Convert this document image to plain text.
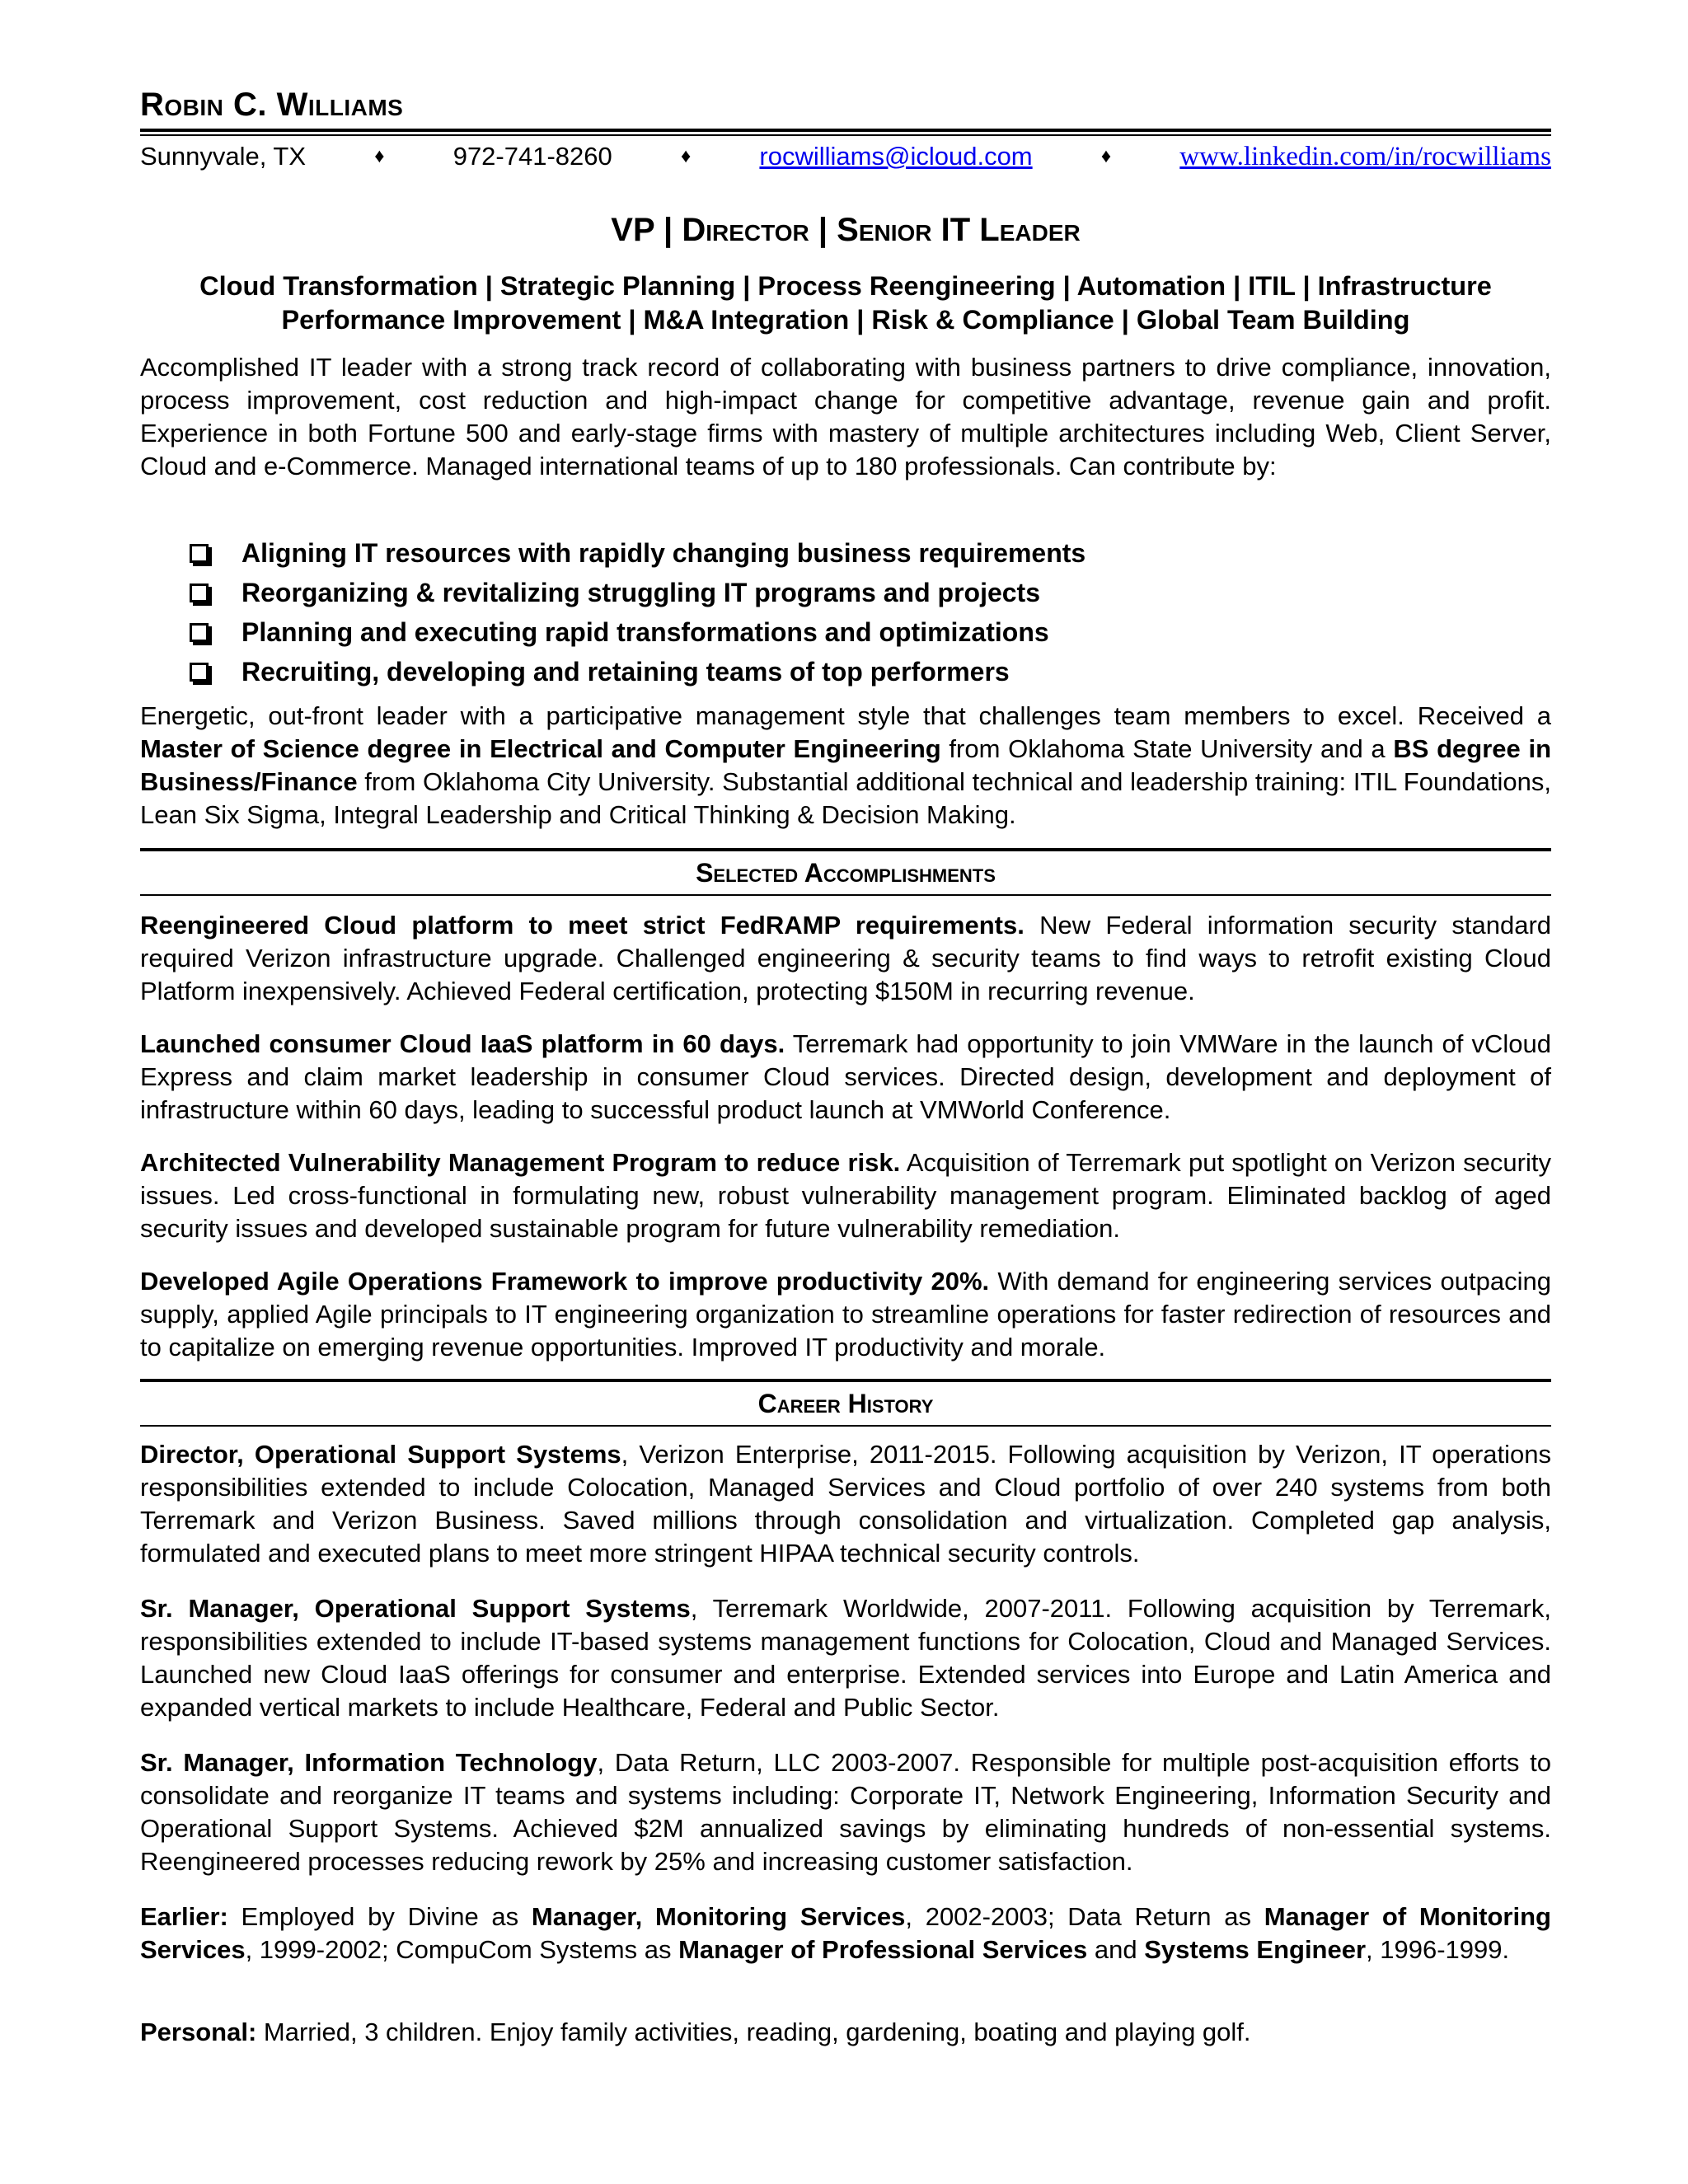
Robin C. Williams
Sunnyvale, TX	♦	972-741-8260	♦	rocwilliams@icloud.com	♦	www.linkedin.com/in/rocwilliams
VP | Director | Senior IT Leader
Cloud Transformation | Strategic Planning | Process Reengineering | Automation | ITIL | Infrastructure
Performance Improvement | M&A Integration | Risk & Compliance | Global Team Building

Accomplished IT leader with a strong track record of collaborating with business partners to drive compliance, innovation, process improvement, cost reduction and high-impact change for competitive advantage, revenue gain and profit. Experience in both Fortune 500 and early-stage firms with mastery of multiple architectures including Web, Client Server, Cloud and e-Commerce. Managed international teams of up to 180 professionals. Can contribute by:

Aligning IT resources with rapidly changing business requirements
Reorganizing & revitalizing struggling IT programs and projects
Planning and executing rapid transformations and optimizations
Recruiting, developing and retaining teams of top performers

Energetic, out-front leader with a participative management style that challenges team members to excel. Received a Master of Science degree in Electrical and Computer Engineering from Oklahoma State University and a BS degree in Business/Finance from Oklahoma City University. Substantial additional technical and leadership training: ITIL Foundations, Lean Six Sigma, Integral Leadership and Critical Thinking & Decision Making.

Selected Accomplishments

Reengineered Cloud platform to meet strict FedRAMP requirements. New Federal information security standard required Verizon infrastructure upgrade. Challenged engineering & security teams to find ways to retrofit existing Cloud Platform inexpensively. Achieved Federal certification, protecting $150M in recurring revenue.

Launched consumer Cloud IaaS platform in 60 days. Terremark had opportunity to join VMWare in the launch of vCloud Express and claim market leadership in consumer Cloud services. Directed design, development and deployment of infrastructure within 60 days, leading to successful product launch at VMWorld Conference.

Architected Vulnerability Management Program to reduce risk. Acquisition of Terremark put spotlight on Verizon security issues. Led cross-functional in formulating new, robust vulnerability management program. Eliminated backlog of aged security issues and developed sustainable program for future vulnerability remediation.

Developed Agile Operations Framework to improve productivity 20%. With demand for engineering services outpacing supply, applied Agile principals to IT engineering organization to streamline operations for faster redirection of resources and to capitalize on emerging revenue opportunities. Improved IT productivity and morale.

Career History

Director, Operational Support Systems, Verizon Enterprise, 2011-2015. Following acquisition by Verizon, IT operations responsibilities extended to include Colocation, Managed Services and Cloud portfolio of over 240 systems from both Terremark and Verizon Business. Saved millions through consolidation and virtualization. Completed gap analysis, formulated and executed plans to meet more stringent HIPAA technical security controls.

Sr. Manager, Operational Support Systems, Terremark Worldwide, 2007-2011. Following acquisition by Terremark, responsibilities extended to include IT-based systems management functions for Colocation, Cloud and Managed Services. Launched new Cloud IaaS offerings for consumer and enterprise. Extended services into Europe and Latin America and expanded vertical markets to include Healthcare, Federal and Public Sector.

Sr. Manager, Information Technology, Data Return, LLC 2003-2007. Responsible for multiple post-acquisition efforts to consolidate and reorganize IT teams and systems including: Corporate IT, Network Engineering, Information Security and Operational Support Systems. Achieved $2M annualized savings by eliminating hundreds of non-essential systems. Reengineered processes reducing rework by 25% and increasing customer satisfaction.

Earlier: Employed by Divine as Manager, Monitoring Services, 2002-2003; Data Return as Manager of Monitoring Services, 1999-2002; CompuCom Systems as Manager of Professional Services and Systems Engineer, 1996-1999.

Personal: Married, 3 children. Enjoy family activities, reading, gardening, boating and playing golf.
